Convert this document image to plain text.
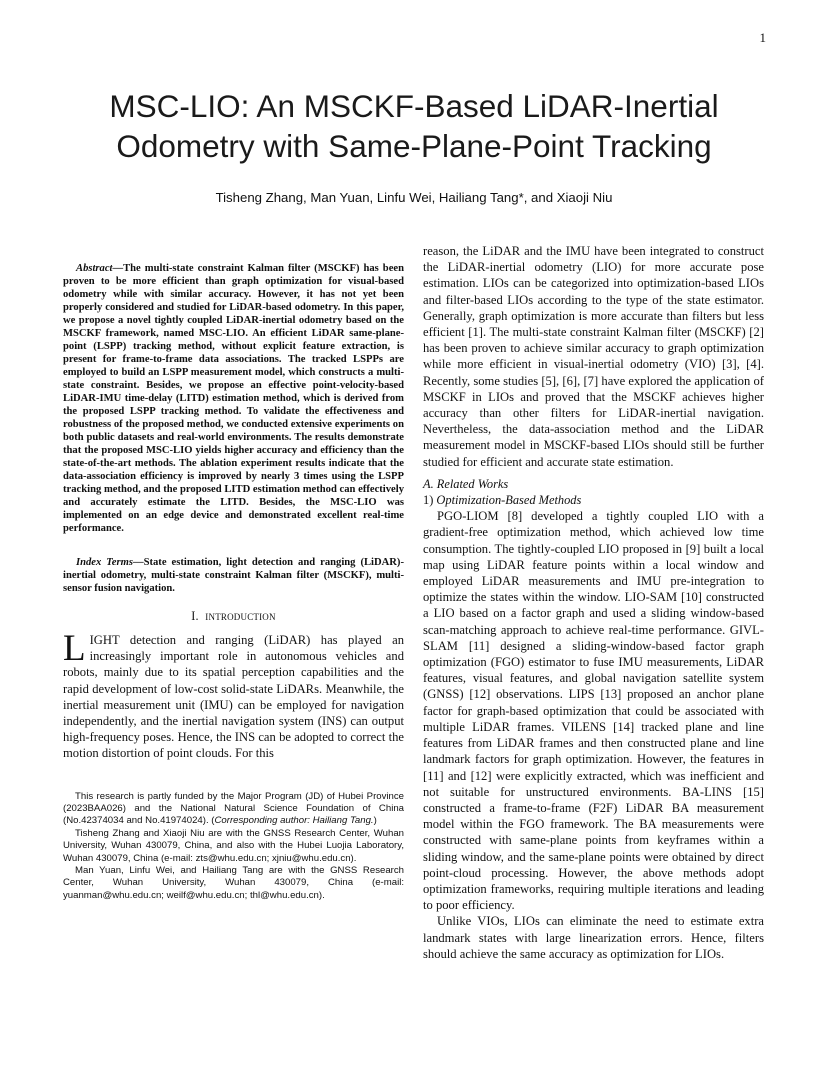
1
MSC-LIO: An MSCKF-Based LiDAR-Inertial
Odometry with Same-Plane-Point Tracking
Tisheng Zhang, Man Yuan, Linfu Wei, Hailiang Tang*, and Xiaoji Niu
Abstract—The multi-state constraint Kalman filter (MSCKF) has been proven to be more efficient than graph optimization for visual-based odometry while with similar accuracy. However, it has not yet been properly considered and studied for LiDAR-based odometry. In this paper, we propose a novel tightly coupled LiDAR-inertial odometry based on the MSCKF framework, named MSC-LIO. An efficient LiDAR same-plane-point (LSPP) tracking method, without explicit feature extraction, is present for frame-to-frame data associations. The tracked LSPPs are employed to build an LSPP measurement model, which constructs a multi-state constraint. Besides, we propose an effective point-velocity-based LiDAR-IMU time-delay (LITD) estimation method, which is derived from the proposed LSPP tracking method. To validate the effectiveness and robustness of the proposed method, we conducted extensive experiments on both public datasets and real-world environments. The results demonstrate that the proposed MSC-LIO yields higher accuracy and efficiency than the state-of-the-art methods. The ablation experiment results indicate that the data-association efficiency is improved by nearly 3 times using the LSPP tracking method, and the proposed LITD estimation method can effectively and accurately estimate the LITD. Besides, the MSC-LIO was implemented on an edge device and demonstrated excellent real-time performance.
Index Terms—State estimation, light detection and ranging (LiDAR)-inertial odometry, multi-state constraint Kalman filter (MSCKF), multi-sensor fusion navigation.
I. introduction
LIGHT detection and ranging (LiDAR) has played an increasingly important role in autonomous vehicles and robots, mainly due to its spatial perception capabilities and the rapid development of low-cost solid-state LiDARs. Meanwhile, the inertial measurement unit (IMU) can be employed for navigation independently, and the inertial navigation system (INS) can output high-frequency poses. Hence, the INS can be adopted to correct the motion distortion of point clouds. For this

This research is partly funded by the Major Program (JD) of Hubei Province (2023BAA026) and the National Natural Science Foundation of China (No.42374034 and No.41974024). (Corresponding author: Hailiang Tang.)

Tisheng Zhang and Xiaoji Niu are with the GNSS Research Center, Wuhan University, Wuhan 430079, China, and also with the Hubei Luojia Laboratory, Wuhan 430079, China (e-mail: zts@whu.edu.cn; xjniu@whu.edu.cn).

Man Yuan, Linfu Wei, and Hailiang Tang are with the GNSS Research Center, Wuhan University, Wuhan 430079, China (e-mail: yuanman@whu.edu.cn; weilf@whu.edu.cn; thl@whu.edu.cn).

reason, the LiDAR and the IMU have been integrated to construct the LiDAR-inertial odometry (LIO) for more accurate pose estimation. LIOs can be categorized into optimization-based LIOs and filter-based LIOs according to the type of the state estimator. Generally, graph optimization is more accurate than filters but less efficient [1]. The multi-state constraint Kalman filter (MSCKF) [2] has been proven to achieve similar accuracy to graph optimization while more efficient in visual-inertial odometry (VIO) [3], [4]. Recently, some studies [5], [6], [7] have explored the application of MSCKF in LIOs and proved that the MSCKF achieves higher accuracy than other filters for LiDAR-inertial navigation. Nevertheless, the data-association method and the LiDAR measurement model in MSCKF-based LIOs should still be further studied for efficient and accurate state estimation.

A. Related Works
1) Optimization-Based Methods

PGO-LIOM [8] developed a tightly coupled LIO with a gradient-free optimization method, which achieved low time consumption. The tightly-coupled LIO proposed in [9] built a local map using LiDAR feature points within a local window and employed LiDAR measurements and IMU pre-integration to optimize the states within the window. LIO-SAM [10] constructed a LIO based on a factor graph and used a sliding window-based scan-matching approach to achieve real-time performance. GIVL-SLAM [11] designed a sliding-window-based factor graph optimization (FGO) estimator to fuse IMU measurements, LiDAR features, visual features, and global navigation satellite system (GNSS) [12] observations. LIPS [13] proposed an anchor plane factor for graph-based optimization that could be associated with multiple LiDAR frames. VILENS [14] tracked plane and line features from LiDAR frames and then constructed plane and line landmark factors for graph optimization. However, the features in [11] and [12] were explicitly extracted, which was inefficient and not suitable for unstructured environments. BA-LINS [15] constructed a frame-to-frame (F2F) LiDAR BA measurement model within the FGO framework. The BA measurements were constructed with same-plane points from keyframes within a sliding window, and the same-plane points were obtained by direct point-cloud processing. However, the above methods adopt optimization frameworks, requiring multiple iterations and leading to poor efficiency.

Unlike VIOs, LIOs can eliminate the need to estimate extra landmark states with large linearization errors. Hence, filters should achieve the same accuracy as optimization for LIOs.
